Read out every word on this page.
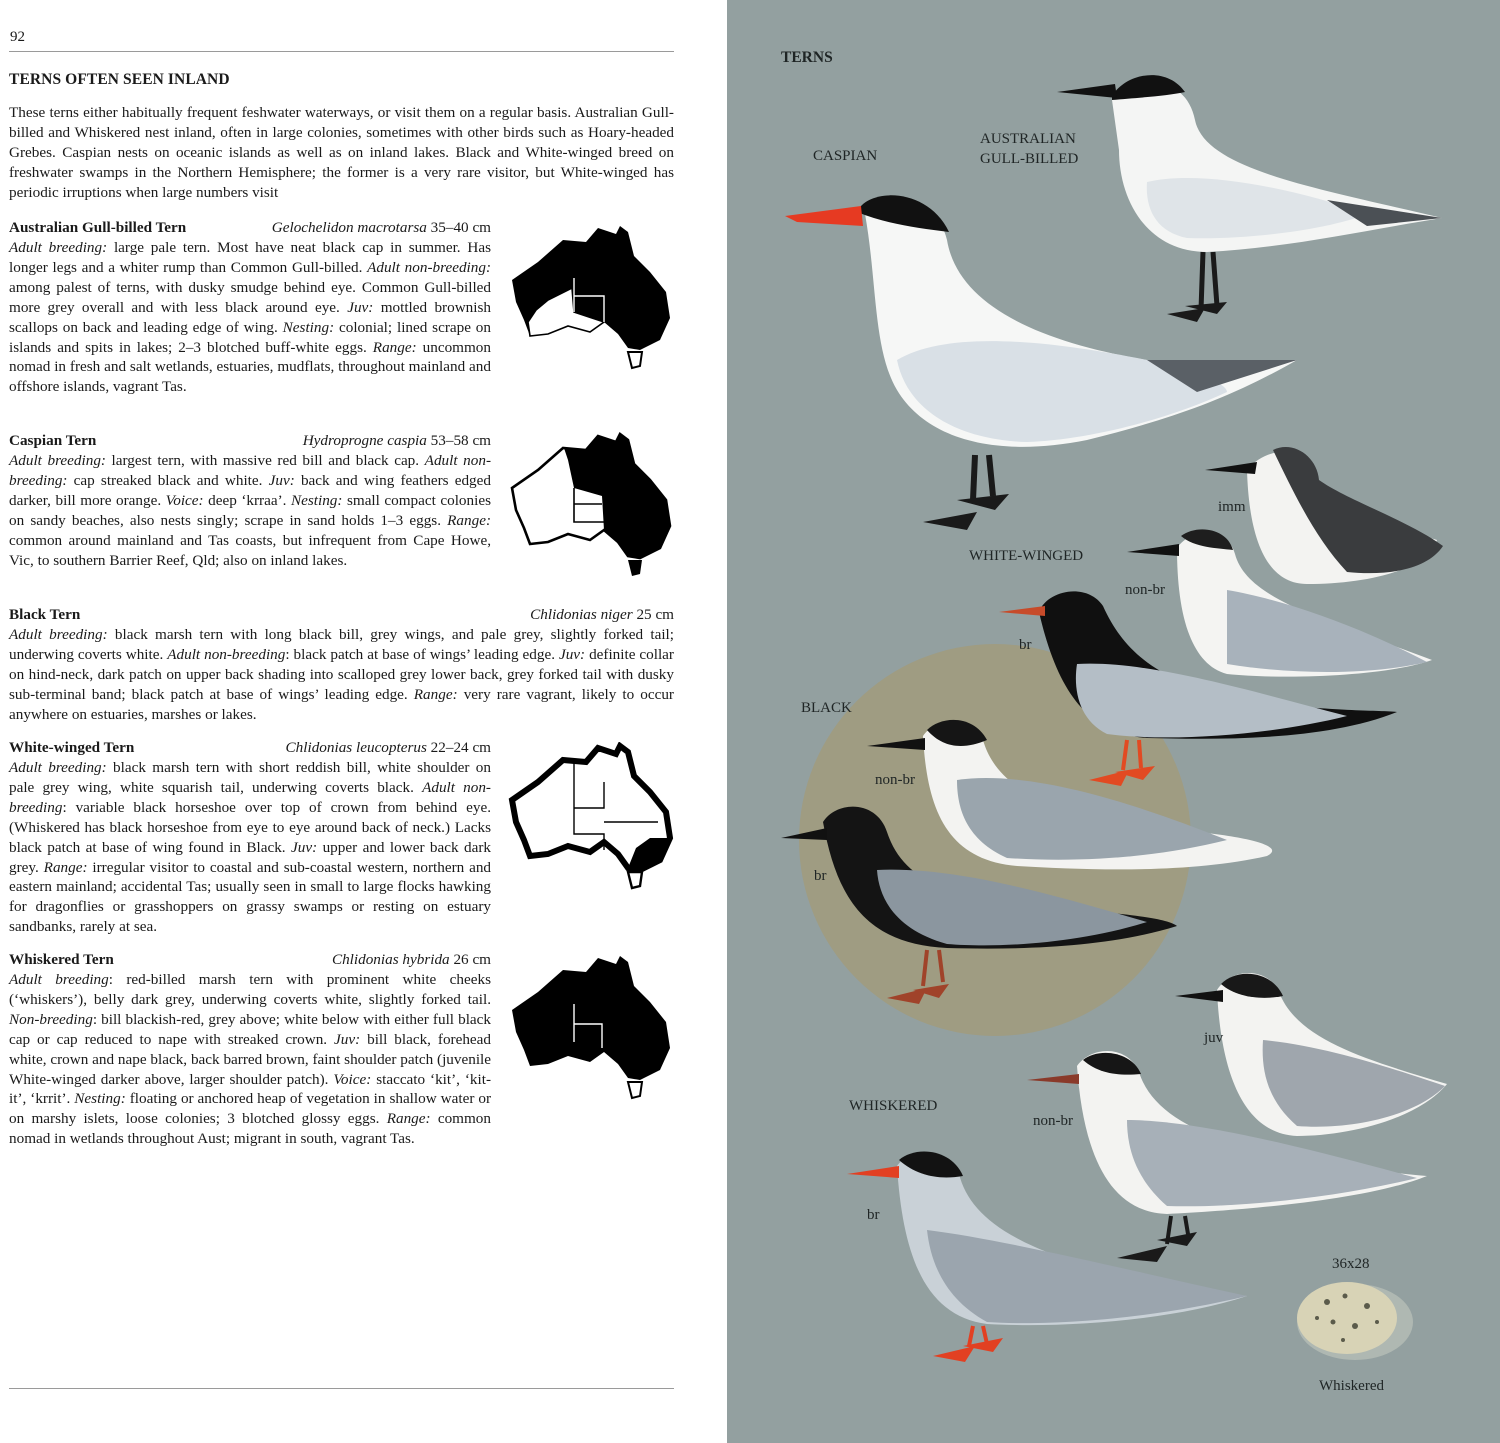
92
TERNS OFTEN SEEN INLAND

These terns either habitually frequent feshwater waterways, or visit them on a regular basis. Australian Gull-billed and Whiskered nest inland, often in large colonies, sometimes with other birds such as Hoary-headed Grebes. Caspian nests on oceanic islands as well as on inland lakes. Black and White-winged breed on freshwater swamps in the Northern Hemisphere; the former is a very rare visitor, but White-winged has periodic irruptions when large numbers visit

Australian Gull-billed Tern	Gelochelidon macrotarsa 35–40 cm

Adult breeding: large pale tern. Most have neat black cap in summer. Has longer legs and a whiter rump than Common Gull-billed. Adult non-breeding: among palest of terns, with dusky smudge behind eye. Common Gull-billed more grey overall and with less black around eye. Juv: mottled brownish scallops on back and leading edge of wing. Nesting: colonial; lined scrape on islands and spits in lakes; 2–3 blotched buff-white eggs. Range: uncommon nomad in fresh and salt wetlands, estuaries, mudflats, throughout mainland and offshore islands, vagrant Tas.

Caspian Tern	Hydroprogne caspia 53–58 cm

Adult breeding: largest tern, with massive red bill and black cap. Adult non-breeding: cap streaked black and white. Juv: back and wing feathers edged darker, bill more orange. Voice: deep ‘krraa’. Nesting: small compact colonies on sandy beaches, also nests singly; scrape in sand holds 1–3 eggs. Range: common around mainland and Tas coasts, but infrequent from Cape Howe, Vic, to southern Barrier Reef, Qld; also on inland lakes.

Black Tern	Chlidonias niger 25 cm

Adult breeding: black marsh tern with long black bill, grey wings, and pale grey, slightly forked tail; underwing coverts white. Adult non-breeding: black patch at base of wings’ leading edge. Juv: definite collar on hind-neck, dark patch on upper back shading into scalloped grey lower back, grey forked tail with dusky sub-terminal band; black patch at base of wings’ leading edge. Range: very rare vagrant, likely to occur anywhere on estuaries, marshes or lakes.

White-winged Tern	Chlidonias leucopterus 22–24 cm

Adult breeding: black marsh tern with short reddish bill, white shoulder on pale grey wing, white squarish tail, underwing coverts black. Adult non-breeding: variable black horseshoe over top of crown from behind eye. (Whiskered has black horseshoe from eye to eye around back of neck.) Lacks black patch at base of wing found in Black. Juv: upper and lower back dark grey. Range: irregular visitor to coastal and sub-coastal western, northern and eastern mainland; accidental Tas; usually seen in small to large flocks hawking for dragonflies or grasshoppers on grassy swamps or resting on estuary sandbanks, rarely at sea.

Whiskered Tern	Chlidonias hybrida 26 cm

Adult breeding: red-billed marsh tern with prominent white cheeks (‘whiskers’), belly dark grey, underwing coverts white, slightly forked tail. Non-breeding: bill blackish-red, grey above; white below with either full black cap or cap reduced to nape with streaked crown. Juv: bill black, forehead white, crown and nape black, back barred brown, faint shoulder patch (juvenile White-winged darker above, larger shoulder patch). Voice: staccato ‘kit’, ‘kit-it’, ‘krrit’. Nesting: floating or anchored heap of vegetation in shallow water or on marshy islets, loose colonies; 3 blotched glossy eggs. Range: common nomad in wetlands throughout Aust; migrant in south, vagrant Tas.

TERNS
CASPIAN
AUSTRALIAN
GULL-BILLED
imm
WHITE-WINGED
non-br
br
BLACK
non-br
br
juv
WHISKERED
non-br
br
36x28
Whiskered
